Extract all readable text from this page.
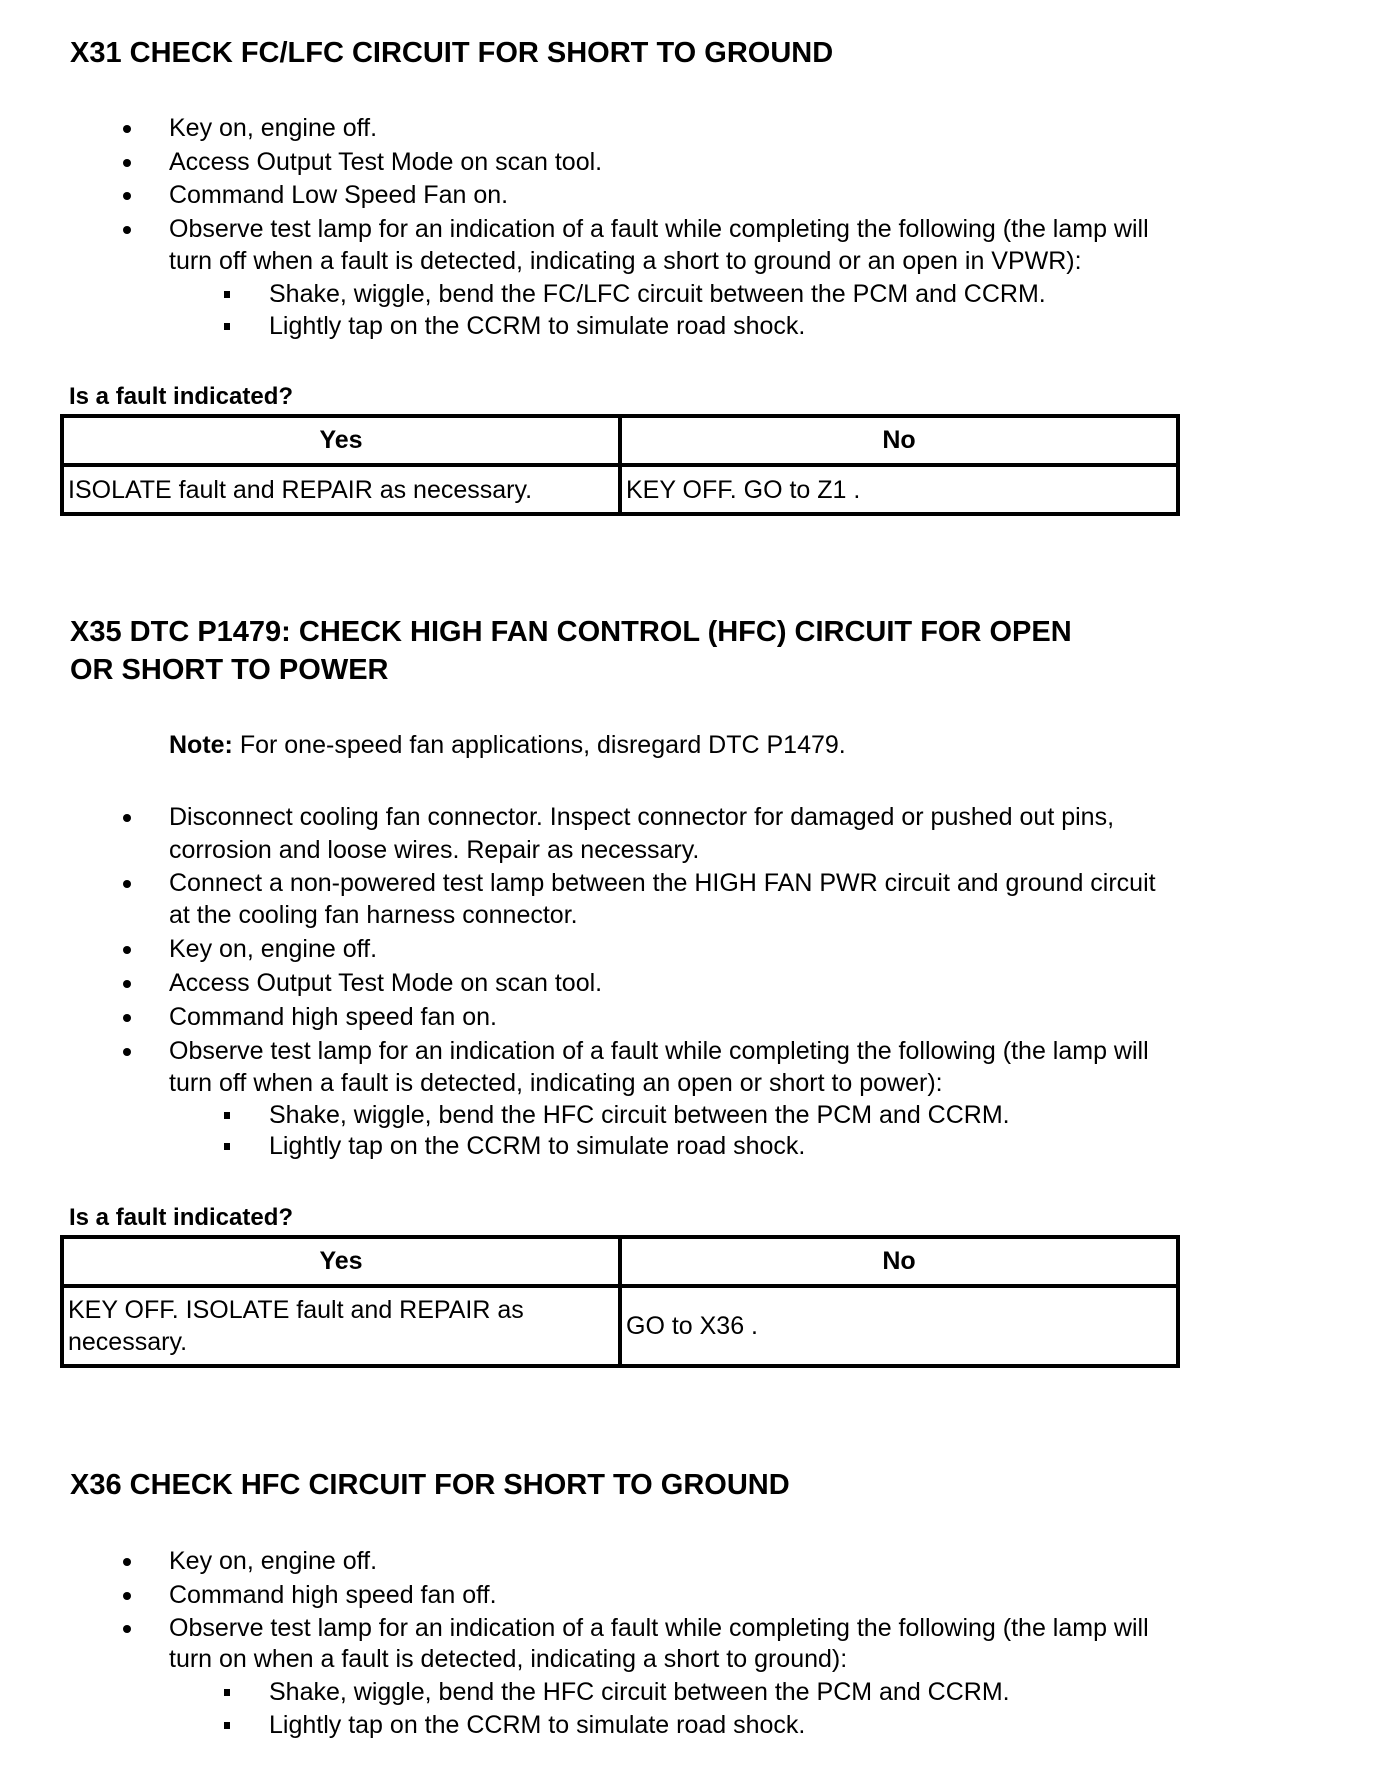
X31 CHECK FC/LFC CIRCUIT FOR SHORT TO GROUND
Key on, engine off.
Access Output Test Mode on scan tool.
Command Low Speed Fan on.
Observe test lamp for an indication of a fault while completing the following (the lamp will
turn off when a fault is detected, indicating a short to ground or an open in VPWR):
Shake, wiggle, bend the FC/LFC circuit between the PCM and CCRM.
Lightly tap on the CCRM to simulate road shock.
Is a fault indicated?
Yes	No
ISOLATE fault and REPAIR as necessary.	KEY OFF. GO to Z1 .
X35 DTC P1479: CHECK HIGH FAN CONTROL (HFC) CIRCUIT FOR OPEN
OR SHORT TO POWER
Note: For one-speed fan applications, disregard DTC P1479.
Disconnect cooling fan connector. Inspect connector for damaged or pushed out pins,
corrosion and loose wires. Repair as necessary.
Connect a non-powered test lamp between the HIGH FAN PWR circuit and ground circuit
at the cooling fan harness connector.
Key on, engine off.
Access Output Test Mode on scan tool.
Command high speed fan on.
Observe test lamp for an indication of a fault while completing the following (the lamp will
turn off when a fault is detected, indicating an open or short to power):
Shake, wiggle, bend the HFC circuit between the PCM and CCRM.
Lightly tap on the CCRM to simulate road shock.
Is a fault indicated?
Yes	No
KEY OFF. ISOLATE fault and REPAIR as
necessary.	GO to X36 .
X36 CHECK HFC CIRCUIT FOR SHORT TO GROUND
Key on, engine off.
Command high speed fan off.
Observe test lamp for an indication of a fault while completing the following (the lamp will
turn on when a fault is detected, indicating a short to ground):
Shake, wiggle, bend the HFC circuit between the PCM and CCRM.
Lightly tap on the CCRM to simulate road shock.
